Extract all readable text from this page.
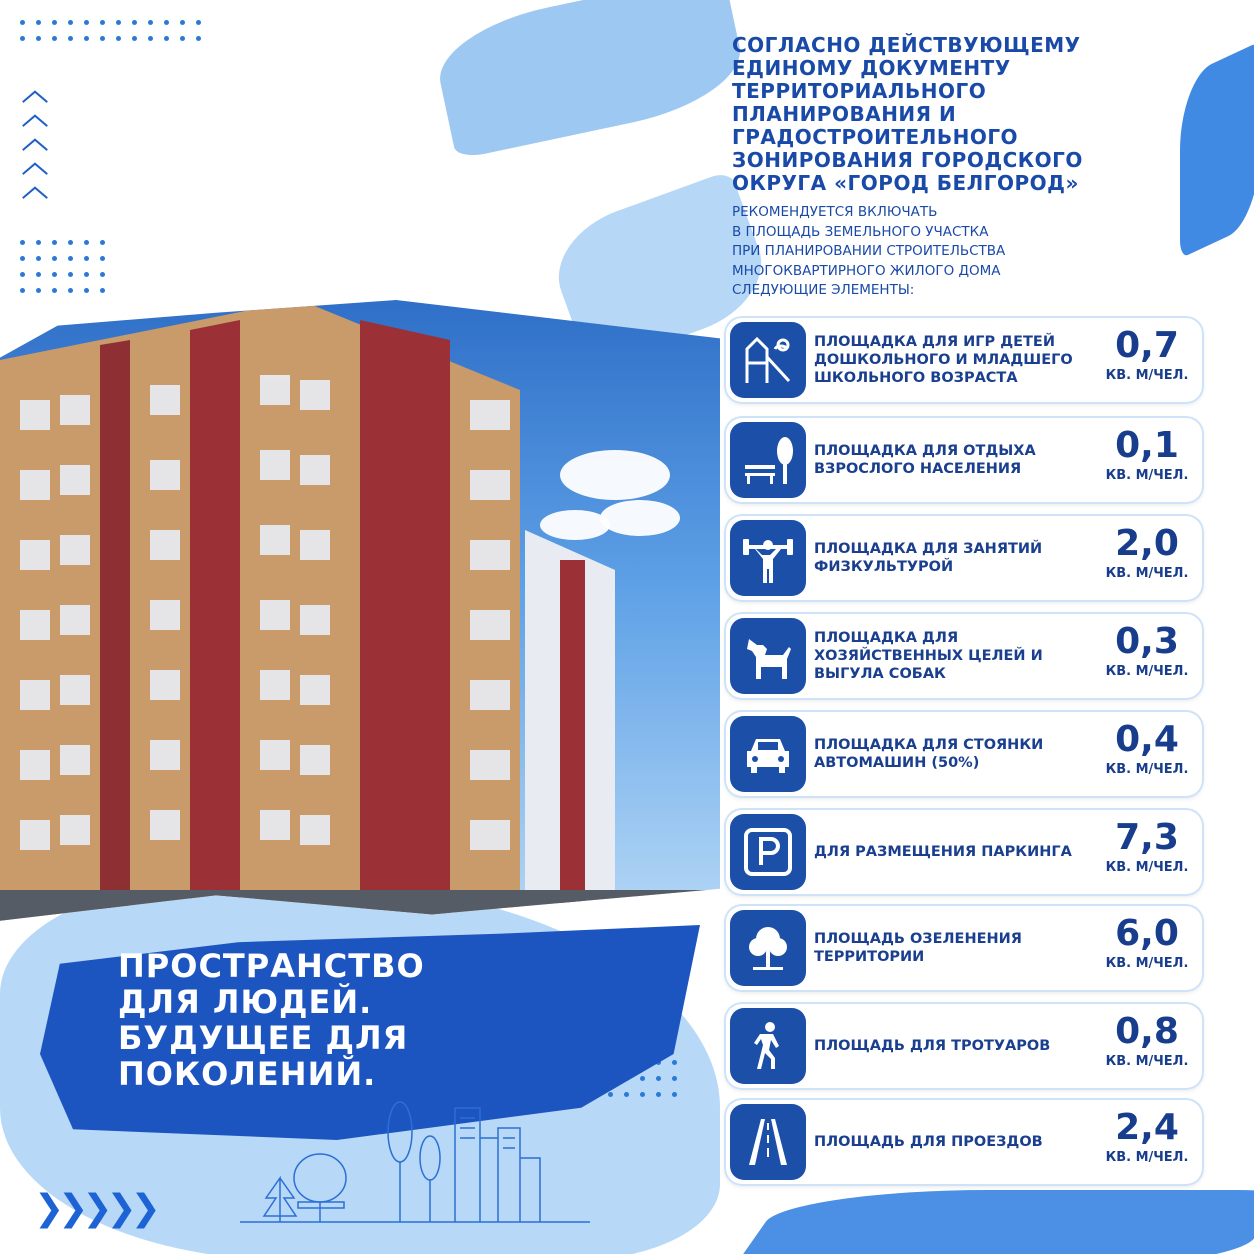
︿
︿
︿
︿
︿
❯❯❯❯❯
СОГЛАСНО ДЕЙСТВУЮЩЕМУ
ЕДИНОМУ ДОКУМЕНТУ
ТЕРРИТОРИАЛЬНОГО
ПЛАНИРОВАНИЯ И
ГРАДОСТРОИТЕЛЬНОГО
ЗОНИРОВАНИЯ ГОРОДСКОГО
ОКРУГА «ГОРОД БЕЛГОРОД»
РЕКОМЕНДУЕТСЯ ВКЛЮЧАТЬ
В ПЛОЩАДЬ ЗЕМЕЛЬНОГО УЧАСТКА
ПРИ ПЛАНИРОВАНИИ СТРОИТЕЛЬСТВА
МНОГОКВАРТИРНОГО ЖИЛОГО ДОМА
СЛЕДУЮЩИЕ ЭЛЕМЕНТЫ:
ПЛОЩАДКА ДЛЯ ИГР ДЕТЕЙ ДОШКОЛЬНОГО И МЛАДШЕГО ШКОЛЬНОГО ВОЗРАСТА
0,7
КВ. М/ЧЕЛ.
ПЛОЩАДКА ДЛЯ ОТДЫХА ВЗРОСЛОГО НАСЕЛЕНИЯ
0,1
КВ. М/ЧЕЛ.
ПЛОЩАДКА ДЛЯ ЗАНЯТИЙ ФИЗКУЛЬТУРОЙ
2,0
КВ. М/ЧЕЛ.
ПЛОЩАДКА ДЛЯ ХОЗЯЙСТВЕННЫХ ЦЕЛЕЙ И ВЫГУЛА СОБАК
0,3
КВ. М/ЧЕЛ.
ПЛОЩАДКА ДЛЯ СТОЯНКИ АВТОМАШИН (50%)
0,4
КВ. М/ЧЕЛ.
ДЛЯ РАЗМЕЩЕНИЯ ПАРКИНГА	7,3
КВ. М/ЧЕЛ.
ПЛОЩАДЬ ОЗЕЛЕНЕНИЯ ТЕРРИТОРИИ
6,0
КВ. М/ЧЕЛ.
ПЛОЩАДЬ ДЛЯ ТРОТУАРОВ	0,8
КВ. М/ЧЕЛ.
ПЛОЩАДЬ ДЛЯ ПРОЕЗДОВ	2,4
КВ. М/ЧЕЛ.
ПРОСТРАНСТВО
ДЛЯ ЛЮДЕЙ.
БУДУЩЕЕ ДЛЯ
ПОКОЛЕНИЙ.
